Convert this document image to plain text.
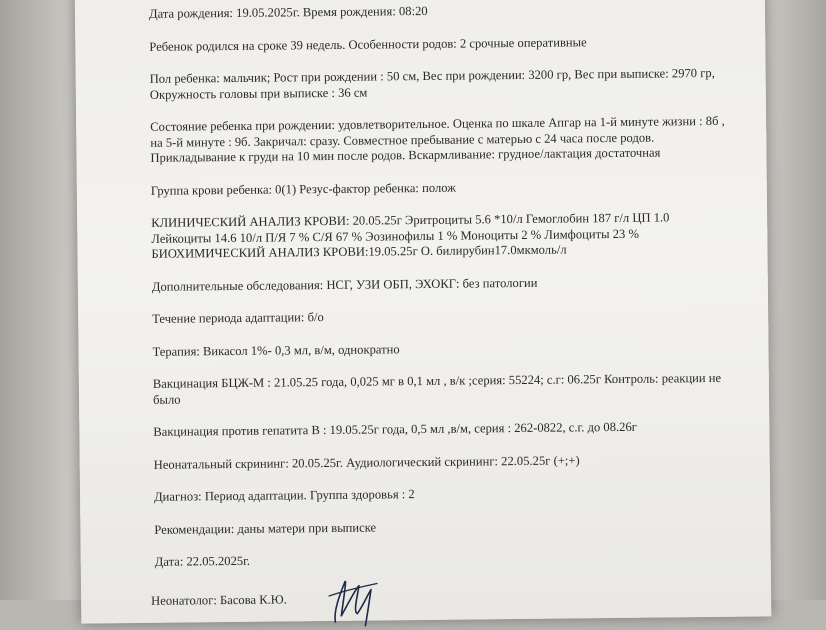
Дата рождения: 19.05.2025г. Время рождения: 08:20

Ребенок родился на сроке 39 недель. Особенности родов: 2 срочные оперативные

Пол ребенка: мальчик; Рост при рождении : 50 см, Вес при рождении: 3200 гр, Вес при выписке: 2970 гр, Окружность головы при выписке : 36 см

Состояние ребенка при рождении: удовлетворительное. Оценка по шкале Апгар на 1-й минуте жизни : 8б , на 5-й минуте : 9б. Закричал: сразу. Совместное пребывание с матерью с 24 часа после родов. Прикладывание к груди на 10 мин после родов. Вскармливание: грудное/лактация достаточная

Группа крови ребенка: 0(1) Резус-фактор ребенка: полож

КЛИНИЧЕСКИЙ АНАЛИЗ КРОВИ: 20.05.25г Эритроциты 5.6 *10/л Гемоглобин 187 г/л ЦП 1.0

Лейкоциты 14.6 10/л П/Я 7 % С/Я 67 % Эозинофилы 1 % Моноциты 2 % Лимфоциты 23 %

БИОХИМИЧЕСКИЙ АНАЛИЗ КРОВИ:19.05.25г О. билирубин17.0мкмоль/л

Дополнительные обследования: НСГ, УЗИ ОБП, ЭХОКГ: без патологии

Течение периода адаптации: б/о

Терапия: Викасол 1%- 0,3 мл, в/м, однократно

Вакцинация БЦЖ-М : 21.05.25 года, 0,025 мг в 0,1 мл , в/к ;серия: 55224; с.г: 06.25г Контроль: реакции не было

Вакцинация против гепатита В : 19.05.25г года, 0,5 мл ,в/м, серия : 262-0822, с.г. до 08.26г

Неонатальный скрининг: 20.05.25г. Аудиологический скрининг: 22.05.25г (+;+)

Диагноз: Период адаптации. Группа здоровья : 2

Рекомендации: даны матери при выписке

Дата: 22.05.2025г.

Неонатолог: Басова К.Ю.
